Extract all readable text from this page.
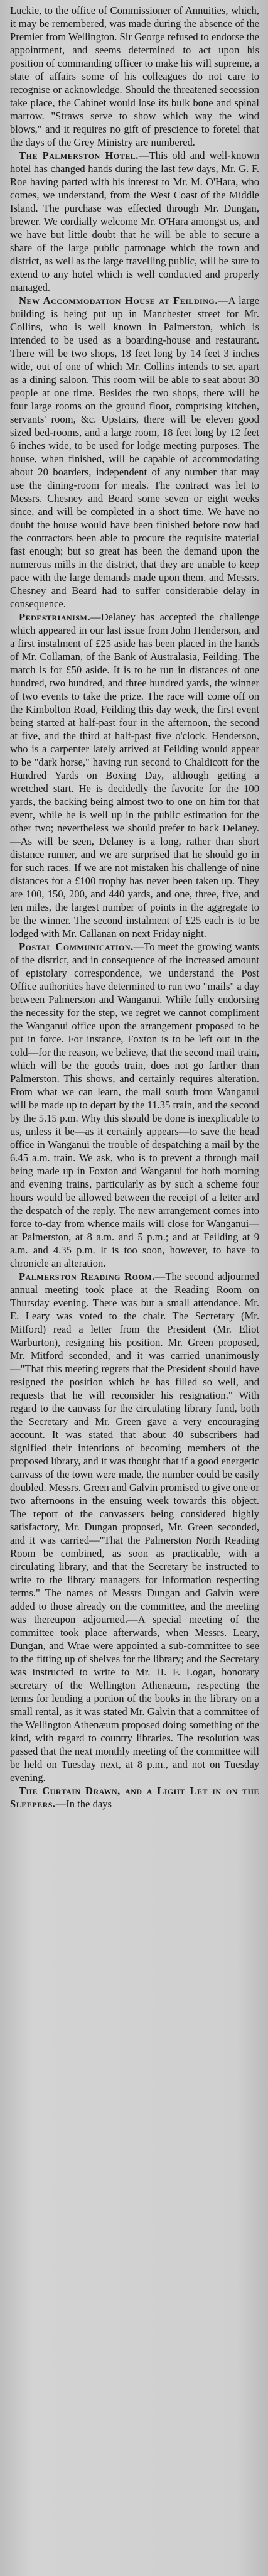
Luckie, to the office of Commissioner of Annuities, which, it may be remembered, was made during the absence of the Premier from Wellington. Sir George refused to endorse the appointment, and seems determined to act upon his position of commanding officer to make his will supreme, a state of affairs some of his colleagues do not care to recognise or acknowledge. Should the threatened secession take place, the Cabinet would lose its bulk bone and spinal marrow. "Straws serve to show which way the wind blows," and it requires no gift of prescience to foretel that the days of the Grey Ministry are numbered.

The Palmerston Hotel.—This old and well-known hotel has changed hands during the last few days, Mr. G. F. Roe having parted with his interest to Mr. M. O'Hara, who comes, we understand, from the West Coast of the Middle Island. The purchase was effected through Mr. Dungan, brewer. We cordially welcome Mr. O'Hara amongst us, and we have but little doubt that he will be able to secure a share of the large public patronage which the town and district, as well as the large travelling public, will be sure to extend to any hotel which is well conducted and properly managed.

New Accommodation House at Feilding.—A large building is being put up in Manchester street for Mr. Collins, who is well known in Palmerston, which is intended to be used as a boarding-house and restaurant. There will be two shops, 18 feet long by 14 feet 3 inches wide, out of one of which Mr. Collins intends to set apart as a dining saloon. This room will be able to seat about 30 people at one time. Besides the two shops, there will be four large rooms on the ground floor, comprising kitchen, servants' room, &c. Upstairs, there will be eleven good sized bed-rooms, and a large room, 18 feet long by 12 feet 6 inches wide, to be used for lodge meeting purposes. The house, when finished, will be capable of accommodating about 20 boarders, independent of any number that may use the dining-room for meals. The contract was let to Messrs. Chesney and Beard some seven or eight weeks since, and will be completed in a short time. We have no doubt the house would have been finished before now had the contractors been able to procure the requisite material fast enough; but so great has been the demand upon the numerous mills in the district, that they are unable to keep pace with the large demands made upon them, and Messrs. Chesney and Beard had to suffer considerable delay in consequence.

Pedestrianism.—Delaney has accepted the challenge which appeared in our last issue from John Henderson, and a first instalment of £25 aside has been placed in the hands of Mr. Collaman, of the Bank of Australasia, Feilding. The match is for £50 aside. It is to be run in distances of one hundred, two hundred, and three hundred yards, the winner of two events to take the prize. The race will come off on the Kimbolton Road, Feilding this day week, the first event being started at half-past four in the afternoon, the second at five, and the third at half-past five o'clock. Henderson, who is a carpenter lately arrived at Feilding would appear to be "dark horse," having run second to Chaldicott for the Hundred Yards on Boxing Day, although getting a wretched start. He is decidedly the favorite for the 100 yards, the backing being almost two to one on him for that event, while he is well up in the public estimation for the other two; nevertheless we should prefer to back Delaney.—As will be seen, Delaney is a long, rather than short distance runner, and we are surprised that he should go in for such races. If we are not mistaken his challenge of nine distances for a £100 trophy has never been taken up. They are 100, 150, 200, and 440 yards, and one, three, five, and ten miles, the largest number of points in the aggregate to be the winner. The second instalment of £25 each is to be lodged with Mr. Callanan on next Friday night.

Postal Communication.—To meet the growing wants of the district, and in consequence of the increased amount of epistolary correspondence, we understand the Post Office authorities have determined to run two "mails" a day between Palmerston and Wanganui. While fully endorsing the necessity for the step, we regret we cannot compliment the Wanganui office upon the arrangement proposed to be put in force. For instance, Foxton is to be left out in the cold—for the reason, we believe, that the second mail train, which will be the goods train, does not go farther than Palmerston. This shows, and certainly requires alteration. From what we can learn, the mail south from Wanganui will be made up to depart by the 11.35 train, and the second by the 5.15 p.m. Why this should be done is inexplicable to us, unless it be—as it certainly appears—to save the head office in Wanganui the trouble of despatching a mail by the 6.45 a.m. train. We ask, who is to prevent a through mail being made up in Foxton and Wanganui for both morning and evening trains, particularly as by such a scheme four hours would be allowed between the receipt of a letter and the despatch of the reply. The new arrangement comes into force to-day from whence mails will close for Wanganui—at Palmerston, at 8 a.m. and 5 p.m.; and at Feilding at 9 a.m. and 4.35 p.m. It is too soon, however, to have to chronicle an alteration.

Palmerston Reading Room.—The second adjourned annual meeting took place at the Reading Room on Thursday evening. There was but a small attendance. Mr. E. Leary was voted to the chair. The Secretary (Mr. Mitford) read a letter from the President (Mr. Eliot Warburton), resigning his position. Mr. Green proposed, Mr. Mitford seconded, and it was carried unanimously—"That this meeting regrets that the President should have resigned the position which he has filled so well, and requests that he will reconsider his resignation." With regard to the canvass for the circulating library fund, both the Secretary and Mr. Green gave a very encouraging account. It was stated that about 40 subscribers had signified their intentions of becoming members of the proposed library, and it was thought that if a good energetic canvass of the town were made, the number could be easily doubled. Messrs. Green and Galvin promised to give one or two afternoons in the ensuing week towards this object. The report of the canvassers being considered highly satisfactory, Mr. Dungan proposed, Mr. Green seconded, and it was carried—"That the Palmerston North Reading Room be combined, as soon as practicable, with a circulating library, and that the Secretary be instructed to write to the library managers for information respecting terms." The names of Messrs Dungan and Galvin were added to those already on the committee, and the meeting was thereupon adjourned.—A special meeting of the committee took place afterwards, when Messrs. Leary, Dungan, and Wrae were appointed a sub-committee to see to the fitting up of shelves for the library; and the Secretary was instructed to write to Mr. H. F. Logan, honorary secretary of the Wellington Athenæum, respecting the terms for lending a portion of the books in the library on a small rental, as it was stated Mr. Galvin that a committee of the Wellington Athenæum proposed doing something of the kind, with regard to country libraries. The resolution was passed that the next monthly meeting of the committee will be held on Tuesday next, at 8 p.m., and not on Tuesday evening.

The Curtain Drawn, and a Light Let in on the Sleepers.—In the days
